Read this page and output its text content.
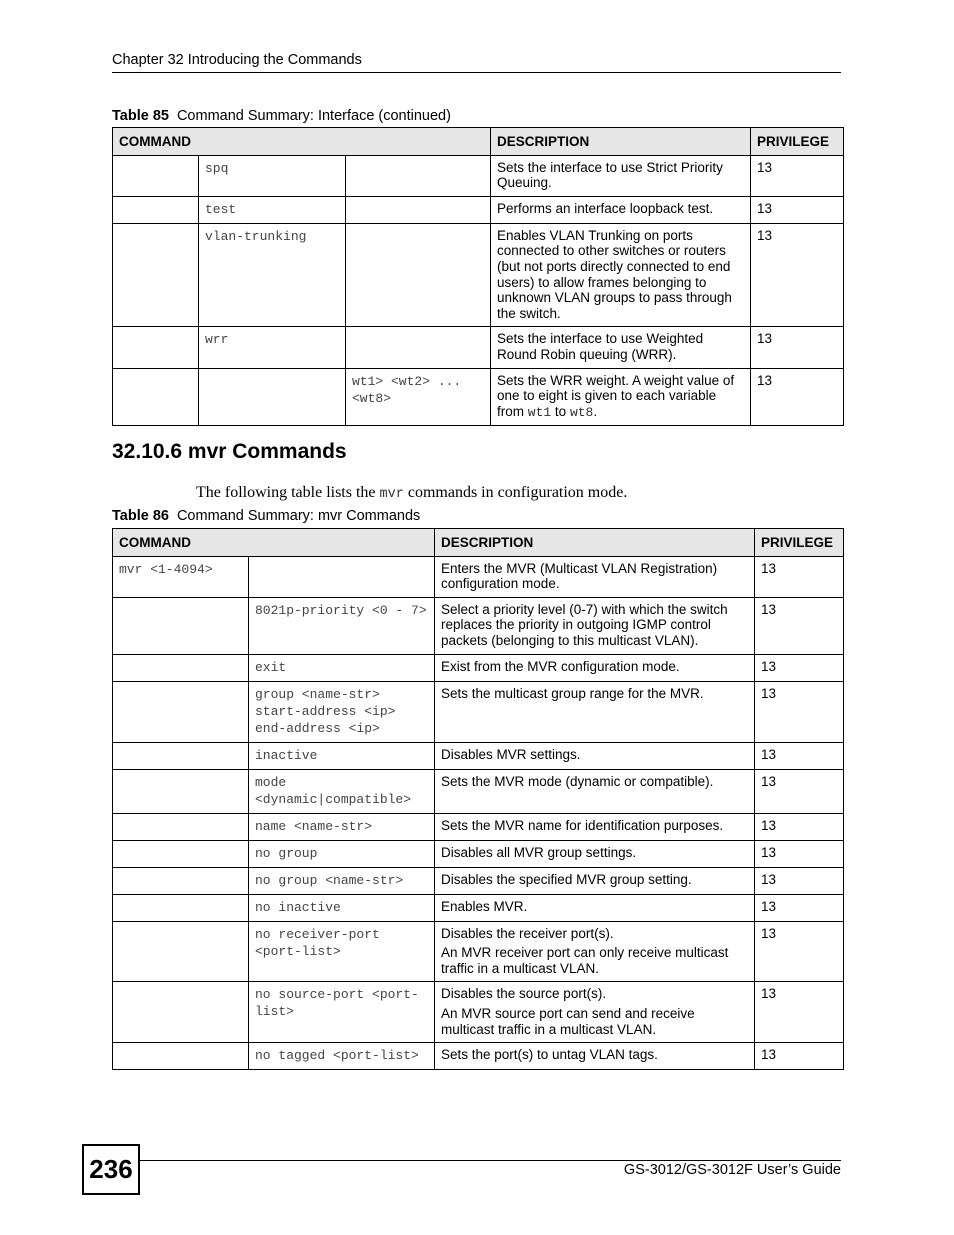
Chapter 32 Introducing the Commands
Table 85 Command Summary: Interface (continued)
COMMAND			DESCRIPTION	PRIVILEGE
	spq		Sets the interface to use Strict Priority Queuing.	13
	test		Performs an interface loopback test.	13
	vlan-trunking		Enables VLAN Trunking on ports connected to other switches or routers (but not ports directly connected to end users) to allow frames belonging to unknown VLAN groups to pass through the switch.	13
	wrr		Sets the interface to use Weighted Round Robin queuing (WRR).	13
		wt1> <wt2> ... <wt8>	Sets the WRR weight. A weight value of one to eight is given to each variable from wt1 to wt8.	13
32.10.6 mvr Commands
The following table lists the mvr commands in configuration mode.
Table 86 Command Summary: mvr Commands
COMMAND		DESCRIPTION	PRIVILEGE
mvr <1-4094>		Enters the MVR (Multicast VLAN Registration) configuration mode.	13
	8021p-priority <0 - 7>	Select a priority level (0-7) with which the switch replaces the priority in outgoing IGMP control packets (belonging to this multicast VLAN).	13
	exit	Exist from the MVR configuration mode.	13
	group <name-str> start-address <ip> end-address <ip>	Sets the multicast group range for the MVR.	13
	inactive	Disables MVR settings.	13
	mode <dynamic|compatible>	Sets the MVR mode (dynamic or compatible).	13
	name <name-str>	Sets the MVR name for identification purposes.	13
	no group	Disables all MVR group settings.	13
	no group <name-str>	Disables the specified MVR group setting.	13
	no inactive	Enables MVR.	13
	no receiver-port <port-list>	Disables the receiver port(s).

An MVR receiver port can only receive multicast traffic in a multicast VLAN.	13
	no source-port <port-list>	Disables the source port(s).

An MVR source port can send and receive multicast traffic in a multicast VLAN.	13
	no tagged <port-list>	Sets the port(s) to untag VLAN tags.	13
236	GS-3012/GS-3012F User’s Guide
